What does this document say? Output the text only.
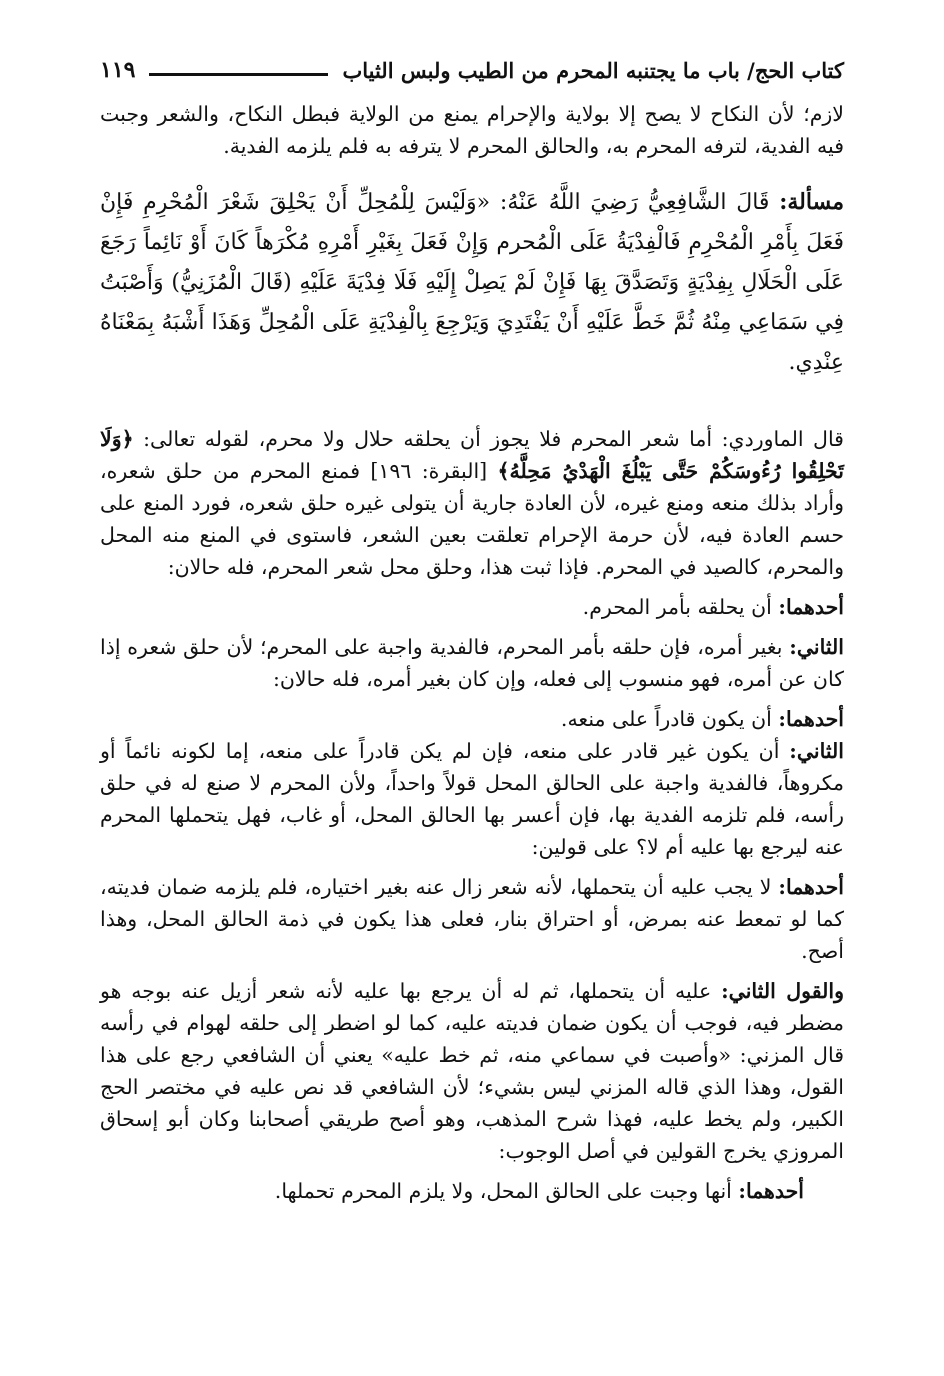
كتاب الحج/ باب ما يجتنبه المحرم من الطيب ولبس الثياب
١١٩

لازم؛ لأن النكاح لا يصح إلا بولاية والإحرام يمنع من الولاية فبطل النكاح، والشعر وجبت فيه الفدية، لترفه المحرم به، والحالق المحرم لا يترفه به فلم يلزمه الفدية.

مسألة: قَالَ الشَّافِعِيُّ رَضِيَ اللَّهُ عَنْهُ: «وَلَيْسَ لِلْمُحِلِّ أَنْ يَحْلِقَ شَعْرَ الْمُحْرِمِ فَإِنْ فَعَلَ بِأَمْرِ الْمُحْرِمِ فَالْفِدْيَةُ عَلَى الْمُحرم وَإِنْ فَعَلَ بِغَيْرِ أَمْرِهِ مُكْرَهاً كَانَ أَوْ نَائِماً رَجَعَ عَلَى الْحَلَالِ بِفِدْيَةٍ وَتَصَدَّقَ بِهَا فَإِنْ لَمْ يَصِلْ إِلَيْهِ فَلَا فِدْيَةَ عَلَيْهِ (قَالَ الْمُزَنِيُّ) وَأَصْبَتُ فِي سَمَاعِي مِنْهُ ثُمَّ خَطَّ عَلَيْهِ أَنْ يَفْتَدِيَ وَيَرْجِعَ بِالْفِدْيَةِ عَلَى الْمُحِلِّ وَهَذَا أَشْبَهُ بِمَعْنَاهُ عِنْدِي.

قال الماوردي: أما شعر المحرم فلا يجوز أن يحلقه حلال ولا محرم، لقوله تعالى: ﴿وَلَا تَحْلِقُوا رُءُوسَكُمْ حَتَّى يَبْلُغَ الْهَدْيُ مَحِلَّهُ﴾ [البقرة: ١٩٦] فمنع المحرم من حلق شعره، وأراد بذلك منعه ومنع غيره، لأن العادة جارية أن يتولى غيره حلق شعره، فورد المنع على حسم العادة فيه، لأن حرمة الإحرام تعلقت بعين الشعر، فاستوى في المنع منه المحل والمحرم، كالصيد في المحرم. فإذا ثبت هذا، وحلق محل شعر المحرم، فله حالان:

أحدهما: أن يحلقه بأمر المحرم.

الثاني: بغير أمره، فإن حلقه بأمر المحرم، فالفدية واجبة على المحرم؛ لأن حلق شعره إذا كان عن أمره، فهو منسوب إلى فعله، وإن كان بغير أمره، فله حالان:

أحدهما: أن يكون قادراً على منعه.

الثاني: أن يكون غير قادر على منعه، فإن لم يكن قادراً على منعه، إما لكونه نائماً أو مكروهاً، فالفدية واجبة على الحالق المحل قولاً واحداً، ولأن المحرم لا صنع له في حلق رأسه، فلم تلزمه الفدية بها، فإن أعسر بها الحالق المحل، أو غاب، فهل يتحملها المحرم عنه ليرجع بها عليه أم لا؟ على قولين:

أحدهما: لا يجب عليه أن يتحملها، لأنه شعر زال عنه بغير اختياره، فلم يلزمه ضمان فديته، كما لو تمعط عنه بمرض، أو احتراق بنار، فعلى هذا يكون في ذمة الحالق المحل، وهذا أصح.

والقول الثاني: عليه أن يتحملها، ثم له أن يرجع بها عليه لأنه شعر أزيل عنه بوجه هو مضطر فيه، فوجب أن يكون ضمان فديته عليه، كما لو اضطر إلى حلقه لهوام في رأسه قال المزني: «وأصبت في سماعي منه، ثم خط عليه» يعني أن الشافعي رجع على هذا القول، وهذا الذي قاله المزني ليس بشيء؛ لأن الشافعي قد نص عليه في مختصر الحج الكبير، ولم يخط عليه، فهذا شرح المذهب، وهو أصح طريقي أصحابنا وكان أبو إسحاق المروزي يخرج القولين في أصل الوجوب:

أحدهما: أنها وجبت على الحالق المحل، ولا يلزم المحرم تحملها.
